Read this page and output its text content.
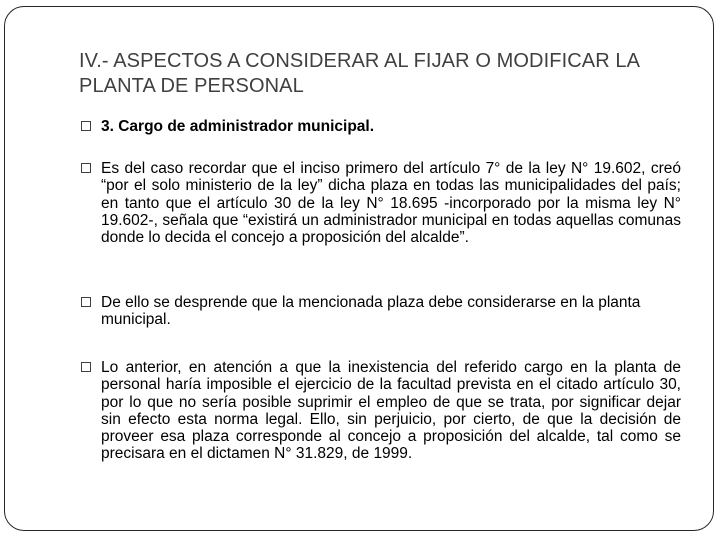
IV.- ASPECTOS A CONSIDERAR AL FIJAR O MODIFICAR LA PLANTA DE PERSONAL
3. Cargo de administrador municipal.
Es del caso recordar que el inciso primero del artículo 7° de la ley N° 19.602, creó “por el solo ministerio de la ley” dicha plaza en todas las municipalidades del país; en tanto que el artículo 30 de la ley N° 18.695 -incorporado por la misma ley N° 19.602-, señala que “existirá un administrador municipal en todas aquellas comunas donde lo decida el concejo a proposición del alcalde”.
De ello se desprende que la mencionada plaza debe considerarse en la planta municipal.
Lo anterior, en atención a que la inexistencia del referido cargo en la planta de personal haría imposible el ejercicio de la facultad prevista en el citado artículo 30, por lo que no sería posible suprimir el empleo de que se trata, por significar dejar sin efecto esta norma legal. Ello, sin perjuicio, por cierto, de que la decisión de proveer esa plaza corresponde al concejo a proposición del alcalde, tal como se precisara en el dictamen N° 31.829, de 1999.
